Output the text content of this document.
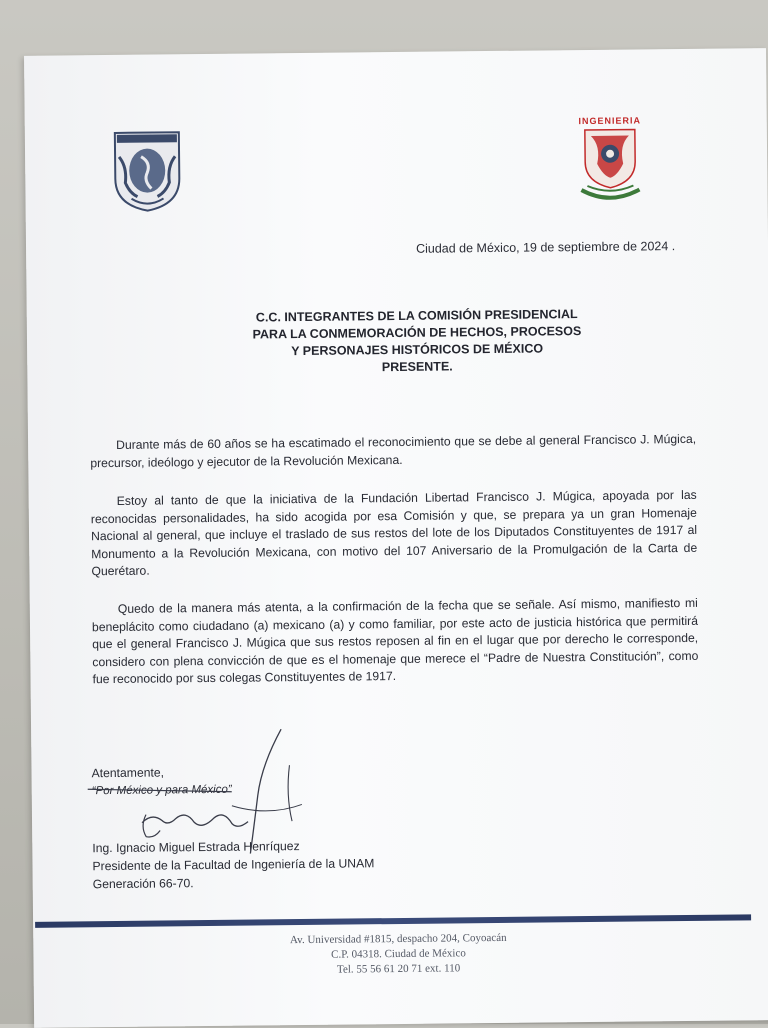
INGENIERIA
Ciudad de México, 19 de septiembre de 2024 .
C.C. INTEGRANTES DE LA COMISIÓN PRESIDENCIAL
PARA LA CONMEMORACIÓN DE HECHOS, PROCESOS
Y PERSONAJES HISTÓRICOS DE MÉXICO
PRESENTE.
Durante más de 60 años se ha escatimado el reconocimiento que se debe al general Francisco J. Múgica, precursor, ideólogo y ejecutor de la Revolución Mexicana.
Estoy al tanto de que la iniciativa de la Fundación Libertad Francisco J. Múgica, apoyada por las reconocidas personalidades, ha sido acogida por esa Comisión y que, se prepara ya un gran Homenaje Nacional al general, que incluye el traslado de sus restos del lote de los Diputados Constituyentes de 1917 al Monumento a la Revolución Mexicana, con motivo del 107 Aniversario de la Promulgación de la Carta de Querétaro.
Quedo de la manera más atenta, a la confirmación de la fecha que se señale. Así mismo, manifiesto mi beneplácito como ciudadano (a) mexicano (a) y como familiar, por este acto de justicia histórica que permitirá que el general Francisco J. Múgica que sus restos reposen al fin en el lugar que por derecho le corresponde, considero con plena convicción de que es el homenaje que merece el “Padre de Nuestra Constitución”, como fue reconocido por sus colegas Constituyentes de 1917.
Atentamente,
“Por México y para México”
Ing. Ignacio Miguel Estrada Henríquez
Presidente de la Facultad de Ingeniería de la UNAM
Generación 66-70.
Av. Universidad #1815, despacho 204, Coyoacán
C.P. 04318. Ciudad de México
Tel. 55 56 61 20 71 ext. 110
